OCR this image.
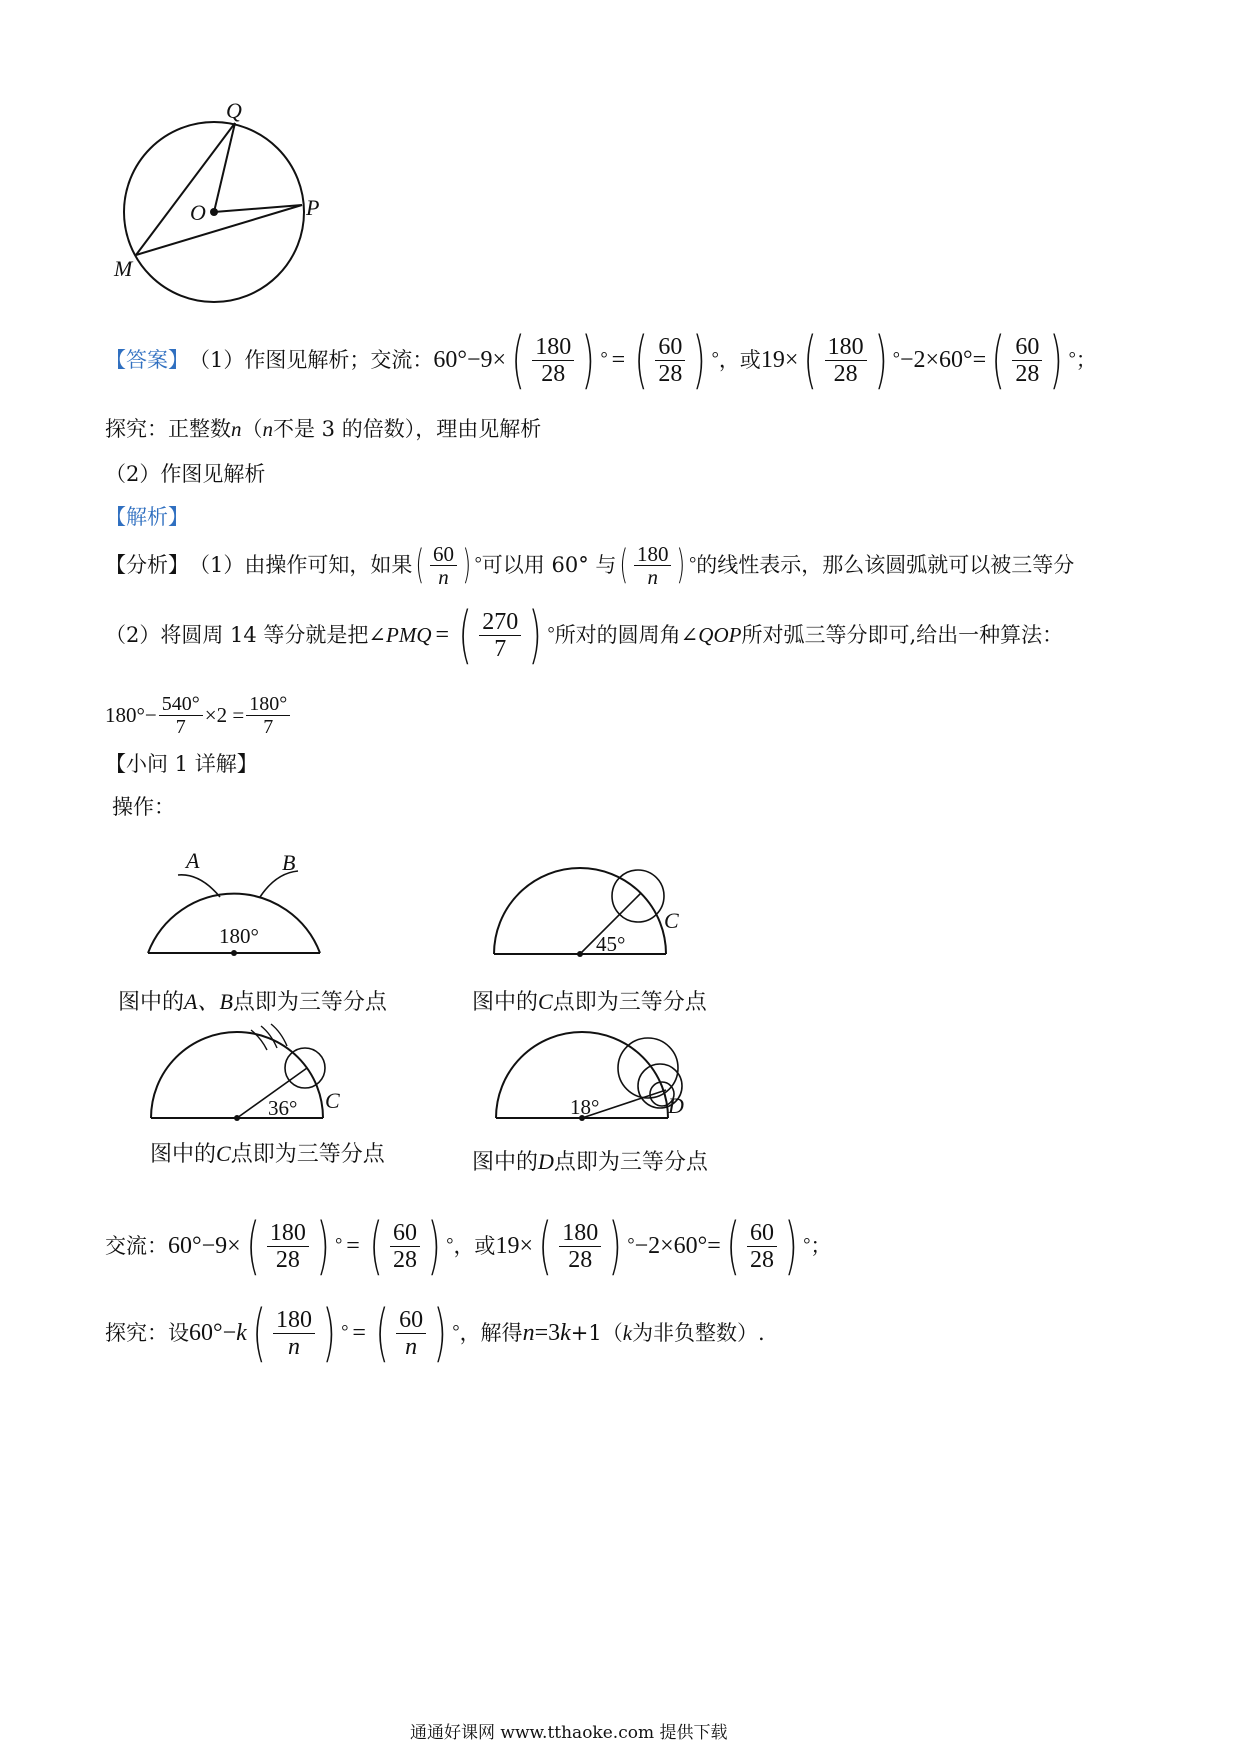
Q
O	P
M
【答案】 （1）作图见解析；交流： 60°−9× ( $\frac{180}{28}$ ) ° = ( $\frac{60}{28}$ ) ° ，或 19× ( $\frac{180}{28}$ ) ° −2×60°= ( $\frac{60}{28}$ ) ° ；
探究：正整数n（n不是 3 的倍数），理由见解析
（2）作图见解析
【解析】
【分析】 （1）由操作可知，如果 ( $\frac{60}{n}$ ) ° 可以用 60° 与 ( $\frac{180}{n}$ ) ° 的线性表示，那么该圆弧就可以被三等分
（2）将圆周 14 等分就是把∠ PMQ = ( $\frac{270}{7}$ ) ° 所对的圆周角∠ QOP 所对弧三等分即可,给出一种算法：
$180^\circ- \frac{540^\circ}{7} \times 2 = \frac{180^\circ}{7}$
【小问 1 详解】
操作：
A	B
180°
图中的A、B点即为三等分点
C
45°
图中的C点即为三等分点
C
36°
图中的C点即为三等分点
D
18°
图中的D点即为三等分点
交流： 60°−9× ( $\frac{180}{28}$ ) ° = ( $\frac{60}{28}$ ) ° ，或 19× ( $\frac{180}{28}$ ) ° −2×60°= ( $\frac{60}{28}$ ) ° ；
探究：设 60°− k ( $\frac{180}{n}$ ) ° = ( $\frac{60}{n}$ ) ° ，解得 n =3 k +1（ k 为非负整数）.
通通好课网 www.tthaoke.com 提供下载
